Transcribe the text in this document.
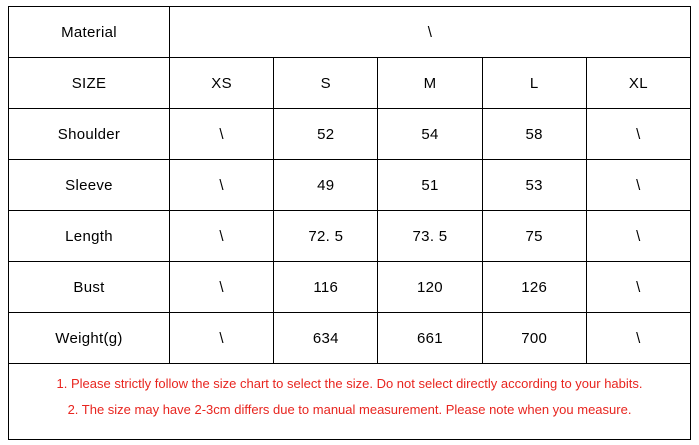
Material	\				
SIZE	XS	S	M	L	XL
Shoulder	\	52	54	58	\
Sleeve	\	49	51	53	\
Length	\	72. 5	73. 5	75	\
Bust	\	116	120	126	\
Weight(g)	\	634	661	700	\
1. Please strictly follow the size chart to select the size. Do not select directly according to your habits.
2. The size may have 2-3cm differs due to manual measurement. Please note when you measure.
